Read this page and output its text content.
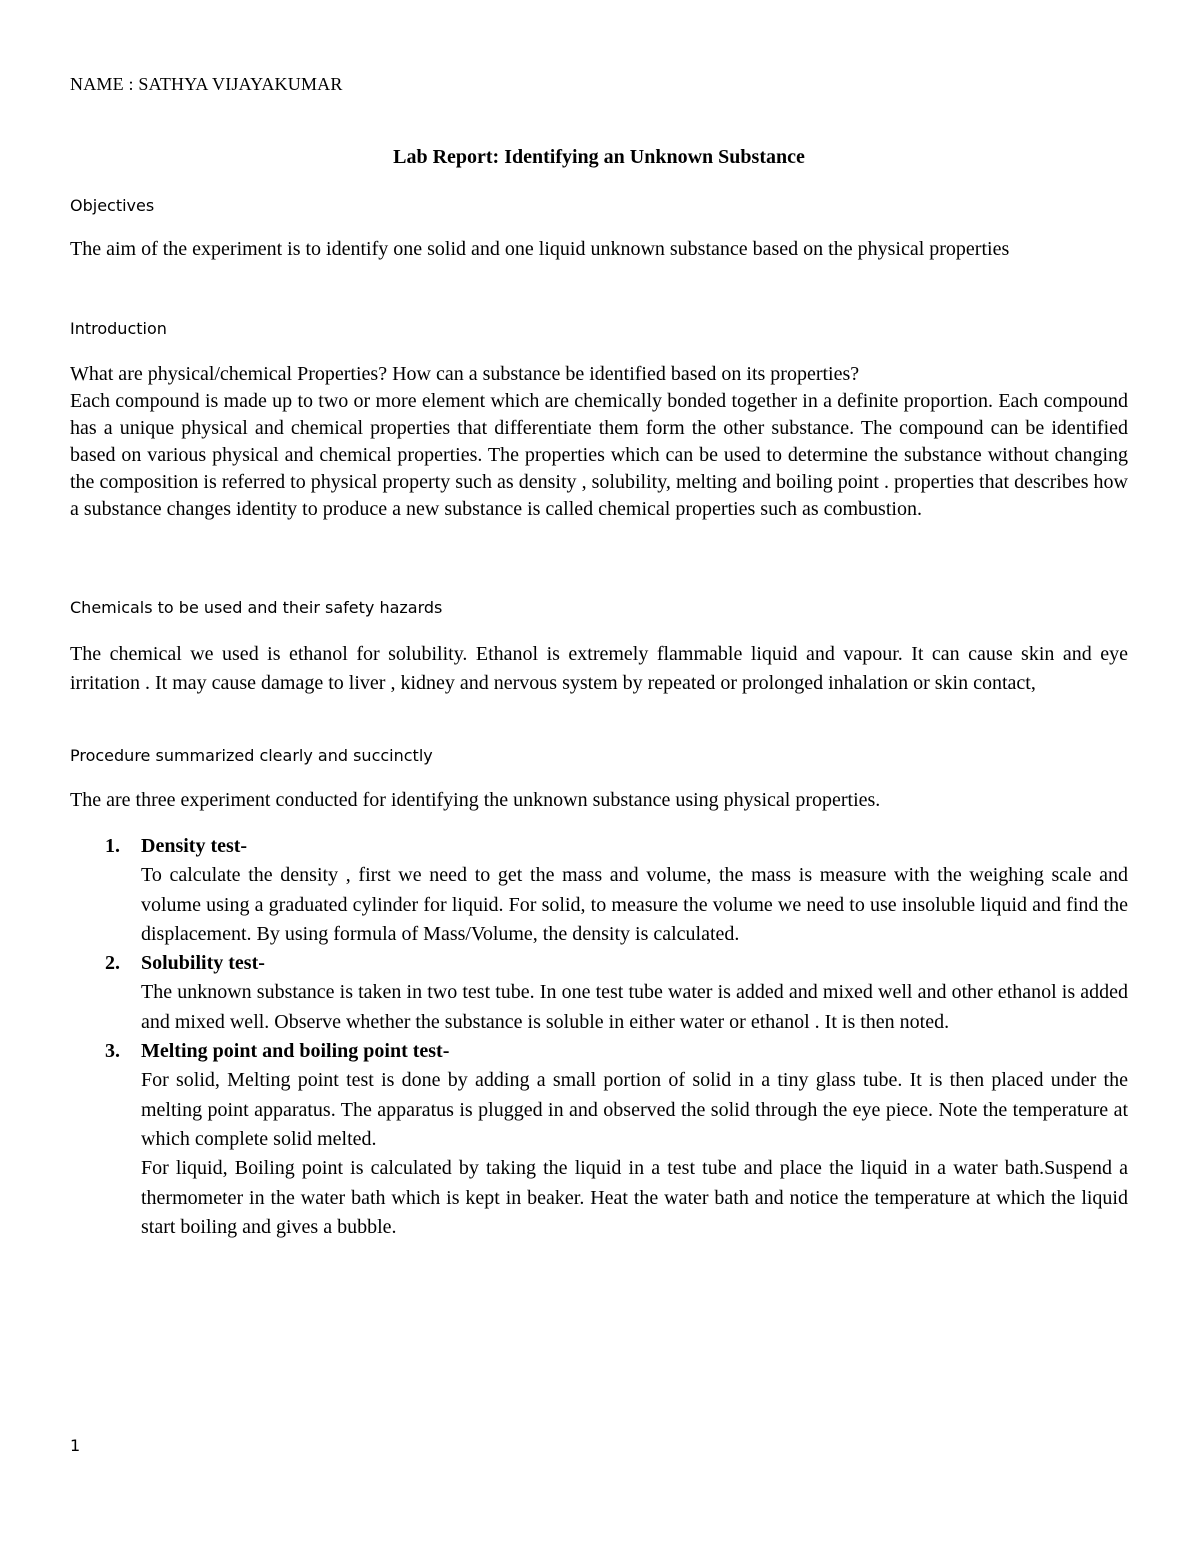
NAME : SATHYA VIJAYAKUMAR
Lab Report: Identifying an Unknown Substance
Objectives

The aim of the experiment is to identify one solid and one liquid unknown substance based on the physical properties

Introduction

What are physical/chemical Properties? How can a substance be identified based on its properties?

Each compound is made up to two or more element which are chemically bonded together in a definite proportion. Each compound has a unique physical and chemical properties that differentiate them form the other substance. The compound can be identified based on various physical and chemical properties. The properties which can be used to determine the substance without changing the composition is referred to physical property such as density , solubility, melting and boiling point . properties that describes how a substance changes identity to produce a new substance is called chemical properties such as combustion.

Chemicals to be used and their safety hazards

The chemical we used is ethanol for solubility. Ethanol is extremely flammable liquid and vapour. It can cause skin and eye irritation . It may cause damage to liver , kidney and nervous system by repeated or prolonged inhalation or skin contact,

Procedure summarized clearly and succinctly

The are three experiment conducted for identifying the unknown substance using physical properties.

1. Density test-

To calculate the density , first we need to get the mass and volume, the mass is measure with the weighing scale and volume using a graduated cylinder for liquid. For solid, to measure the volume we need to use insoluble liquid and find the displacement. By using formula of Mass/Volume, the density is calculated.

2. Solubility test-

The unknown substance is taken in two test tube. In one test tube water is added and mixed well and other ethanol is added and mixed well. Observe whether the substance is soluble in either water or ethanol . It is then noted.

3. Melting point and boiling point test-

For solid, Melting point test is done by adding a small portion of solid in a tiny glass tube. It is then placed under the melting point apparatus. The apparatus is plugged in and observed the solid through the eye piece. Note the temperature at which complete solid melted.

For liquid, Boiling point is calculated by taking the liquid in a test tube and place the liquid in a water bath.Suspend a thermometer in the water bath which is kept in beaker. Heat the water bath and notice the temperature at which the liquid start boiling and gives a bubble.

1
